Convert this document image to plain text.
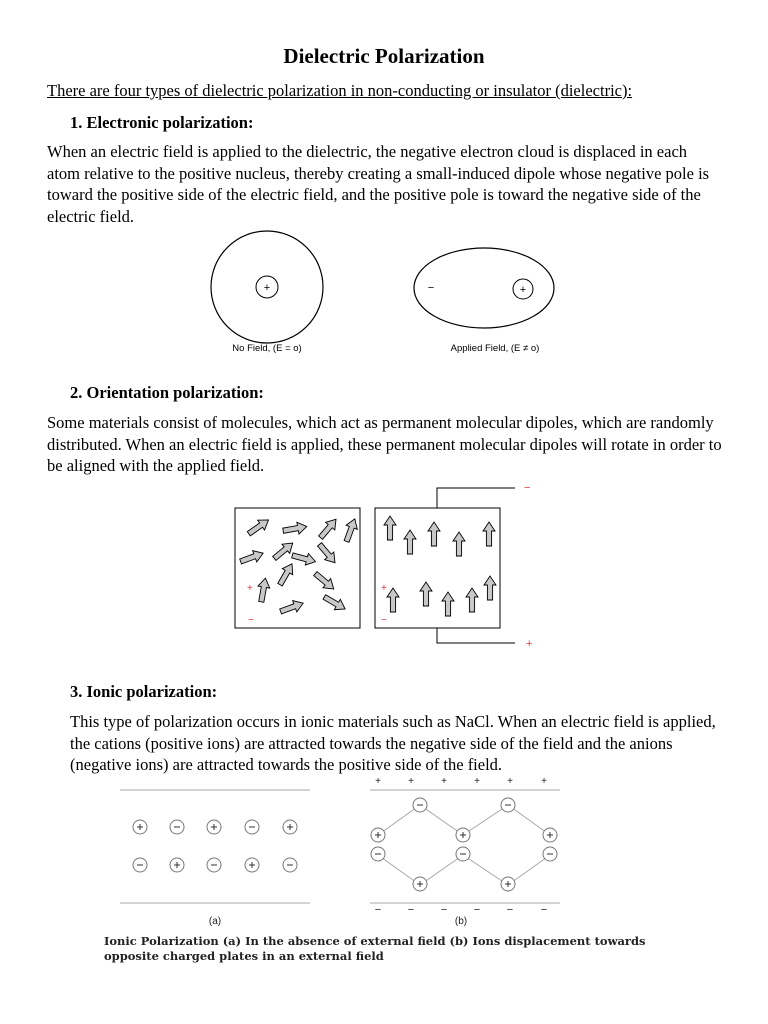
Dielectric Polarization
There are four types of dielectric polarization in non-conducting or insulator (dielectric):
1. Electronic polarization:
When an electric field is applied to the dielectric, the negative electron cloud is displaced in each atom relative to the positive nucleus, thereby creating a small-induced dipole whose negative pole is toward the positive side of the electric field, and the positive pole is toward the negative side of the electric field.
+	+
−
No Field, (E = o)	Applied Field, (E ≠ o)
2. Orientation polarization:
Some materials consist of molecules, which act as permanent molecular dipoles, which are randomly distributed. When an electric field is applied, these permanent molecular dipoles will rotate in order to be aligned with the applied field.
−
+
+
−
+
−
3. Ionic polarization:
This type of polarization occurs in ionic materials such as NaCl. When an electric field is applied, the cations (positive ions) are attracted towards the negative side of the field and the anions (negative ions) are attracted towards the positive side of the field.
(a)
+	+	+	+	+	+
− − − − −	−
(b)
Ionic Polarization (a) In the absence of external field (b) Ions displacement towards opposite charged plates in an external field
